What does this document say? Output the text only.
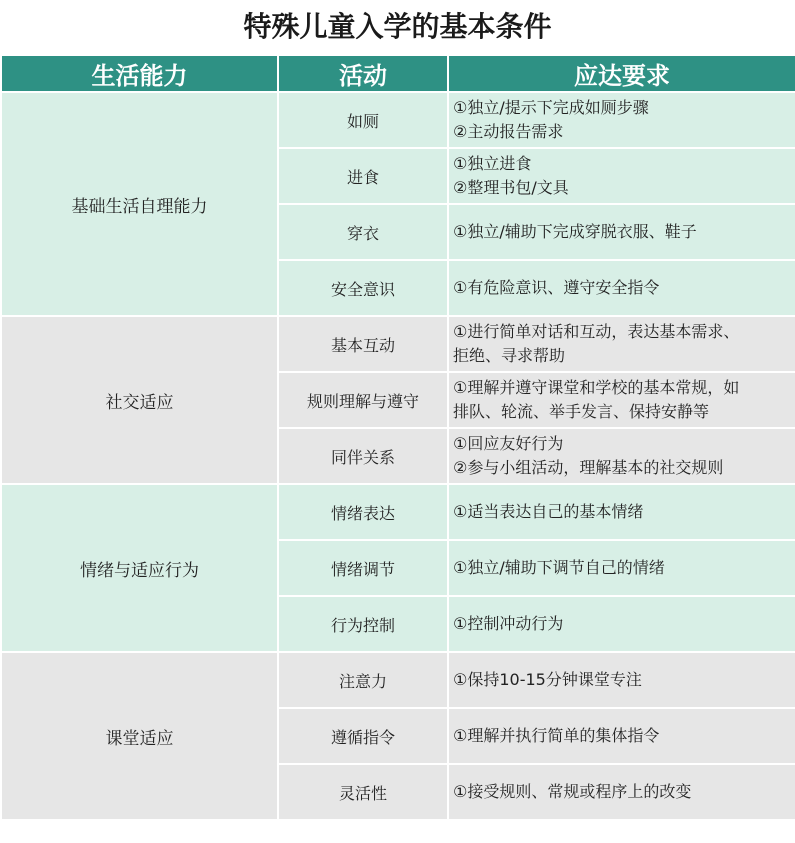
特殊儿童入学的基本条件
生活能力	活动	应达要求
基础生活自理能力	如厕	①独立/提示下完成如厕步骤
②主动报告需求

	进食	①独立进食
②整理书包/文具

	穿衣	①独立/辅助下完成穿脱衣服、鞋子

	安全意识	①有危险意识、遵守安全指令

社交适应	基本互动	①进行简单对话和互动，表达基本需求、
拒绝、寻求帮助

	规则理解与遵守	①理解并遵守课堂和学校的基本常规，如
排队、轮流、举手发言、保持安静等

	同伴关系	①回应友好行为
②参与小组活动，理解基本的社交规则

情绪与适应行为	情绪表达	①适当表达自己的基本情绪

	情绪调节	①独立/辅助下调节自己的情绪

	行为控制	①控制冲动行为

课堂适应	注意力	①保持10-15分钟课堂专注

	遵循指令	①理解并执行简单的集体指令

	灵活性	①接受规则、常规或程序上的改变
